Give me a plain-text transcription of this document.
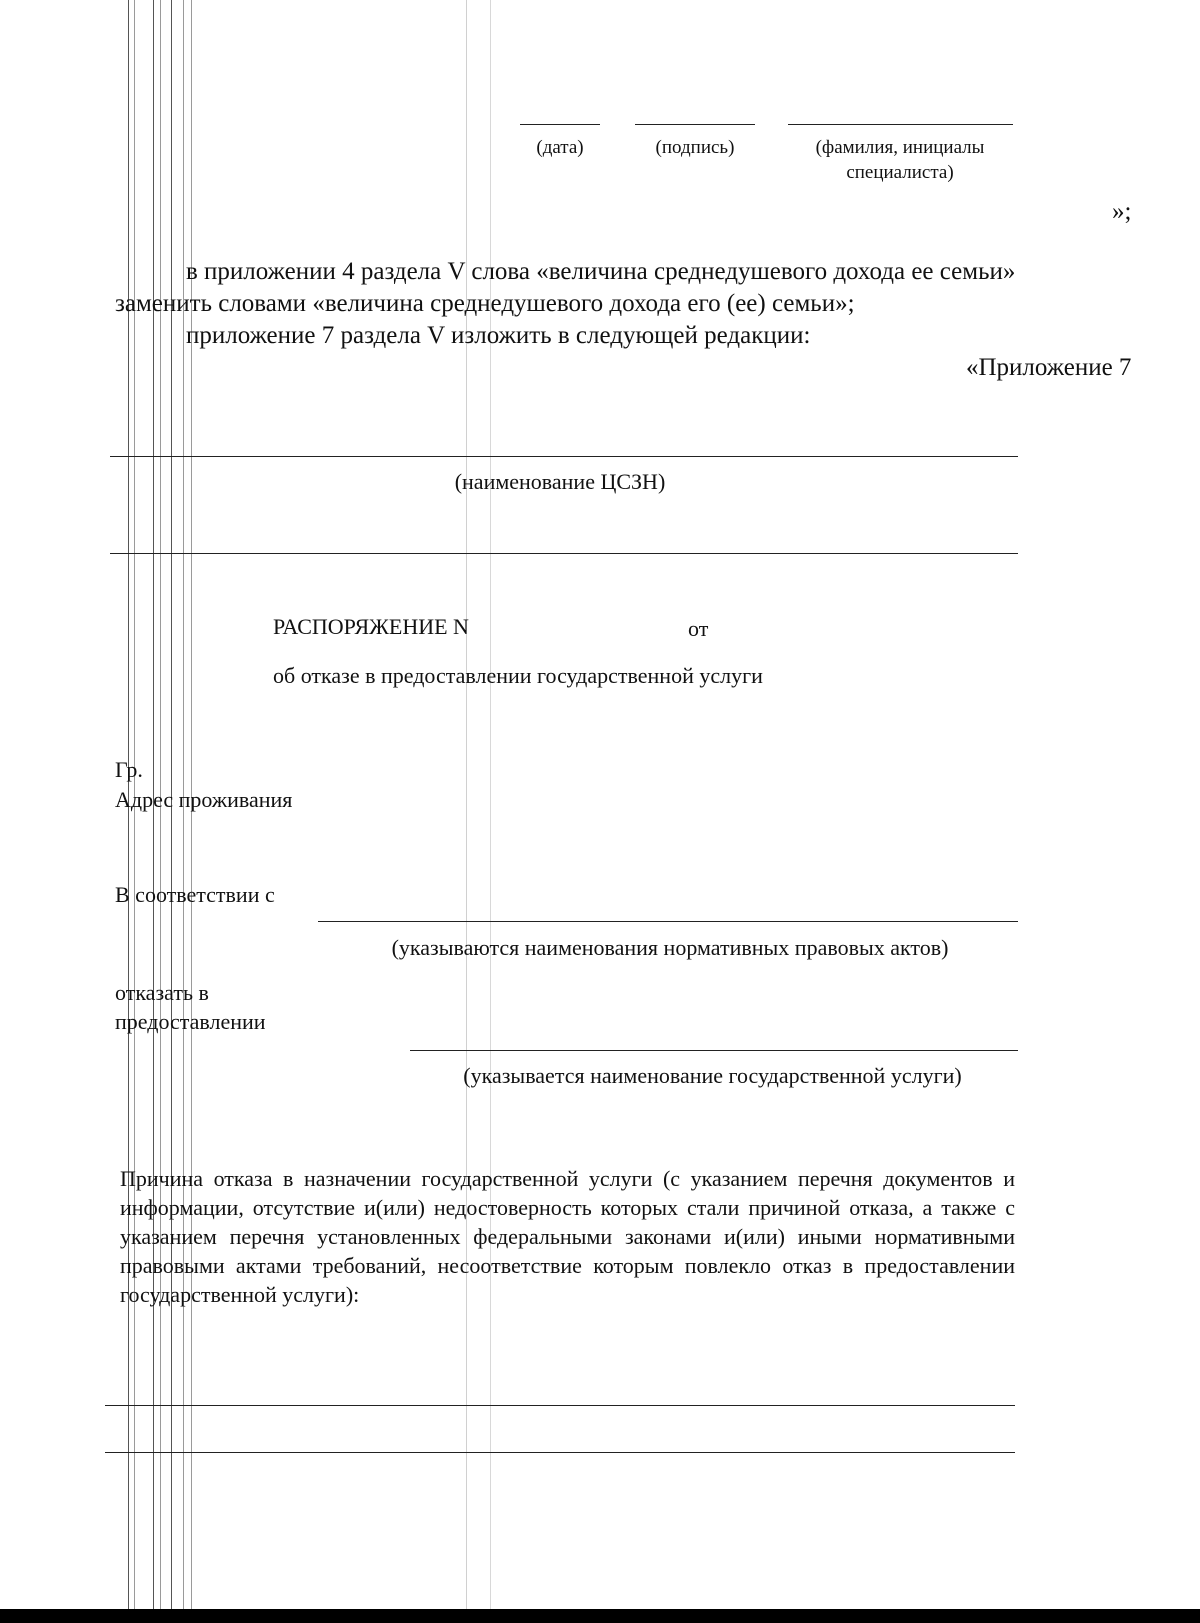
(дата)	(подпись)	(фамилия, инициалы
специалиста)
»;
в приложении 4 раздела V слова «величина среднедушевого дохода ее семьи»
заменить словами «величина среднедушевого дохода его (ее) семьи»;
приложение 7 раздела V изложить в следующей редакции:
«Приложение 7
(наименование ЦСЗН)
РАСПОРЯЖЕНИЕ N	от
об отказе в предоставлении государственной услуги
Гр.
Адрес проживания
В соответствии с
(указываются наименования нормативных правовых актов)
отказать в
предоставлении
(указывается наименование государственной услуги)
Причина отказа в назначении государственной услуги (с указанием перечня документов и информации, отсутствие и(или) недостоверность которых стали причиной отказа, а также с указанием перечня установленных федеральными законами и(или) иными нормативными правовыми актами требований, несоответствие которым повлекло отказ в предоставлении государственной услуги):
